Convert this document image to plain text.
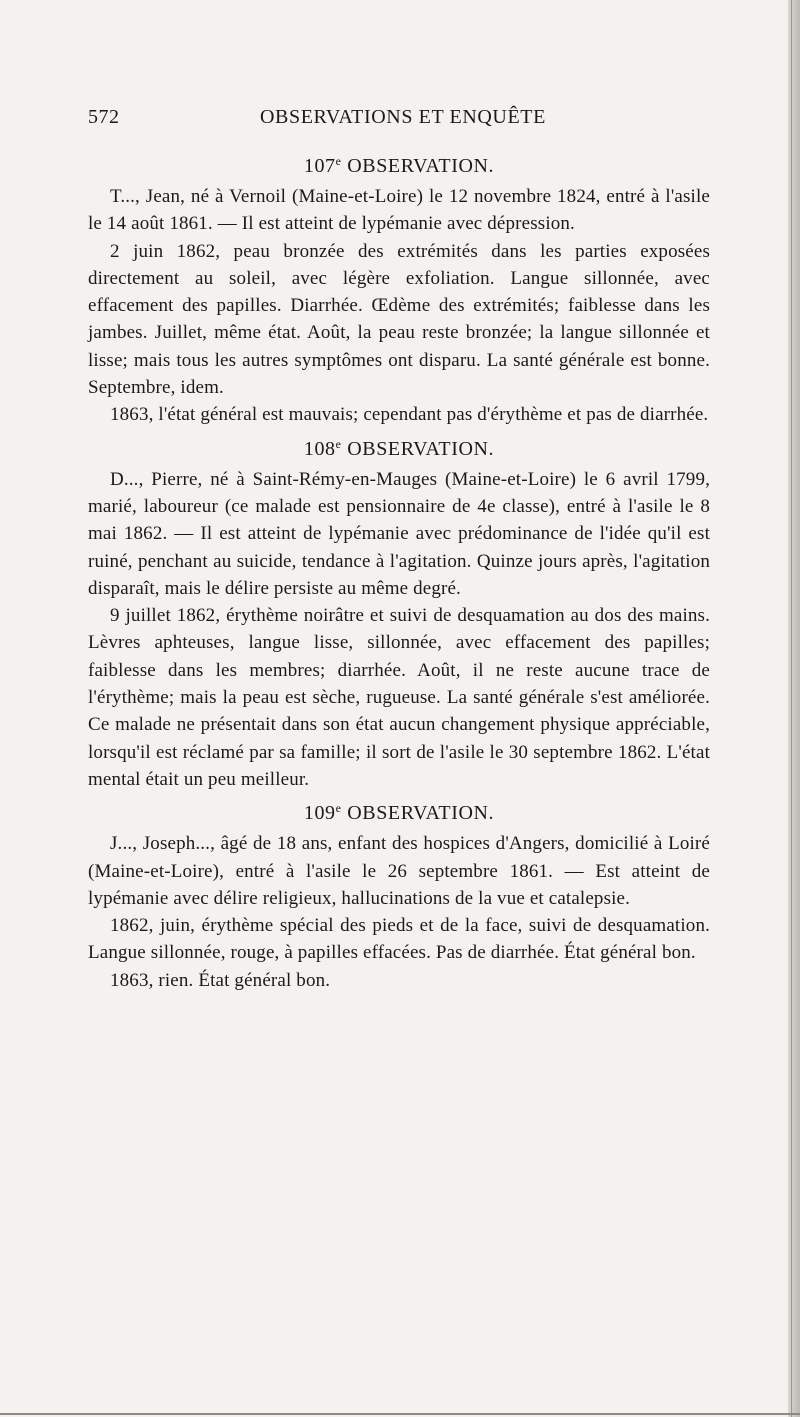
572	OBSERVATIONS ET ENQUÊTE
107e OBSERVATION.

T..., Jean, né à Vernoil (Maine-et-Loire) le 12 novembre 1824, entré à l'asile le 14 août 1861. — Il est atteint de lypémanie avec dépression.

2 juin 1862, peau bronzée des extrémités dans les parties exposées directement au soleil, avec légère exfoliation. Langue sillonnée, avec effacement des papilles. Diarrhée. Œdème des extrémités; faiblesse dans les jambes. Juillet, même état. Août, la peau reste bronzée; la langue sillonnée et lisse; mais tous les autres symptômes ont disparu. La santé générale est bonne. Septembre, idem.

1863, l'état général est mauvais; cependant pas d'érythème et pas de diarrhée.

108e OBSERVATION.

D..., Pierre, né à Saint-Rémy-en-Mauges (Maine-et-Loire) le 6 avril 1799, marié, laboureur (ce malade est pensionnaire de 4e classe), entré à l'asile le 8 mai 1862. — Il est atteint de lypémanie avec prédominance de l'idée qu'il est ruiné, penchant au suicide, tendance à l'agitation. Quinze jours après, l'agitation disparaît, mais le délire persiste au même degré.

9 juillet 1862, érythème noirâtre et suivi de desquamation au dos des mains. Lèvres aphteuses, langue lisse, sillonnée, avec effacement des papilles; faiblesse dans les membres; diarrhée. Août, il ne reste aucune trace de l'érythème; mais la peau est sèche, rugueuse. La santé générale s'est améliorée. Ce malade ne présentait dans son état aucun changement physique appréciable, lorsqu'il est réclamé par sa famille; il sort de l'asile le 30 septembre 1862. L'état mental était un peu meilleur.

109e OBSERVATION.

J..., Joseph..., âgé de 18 ans, enfant des hospices d'Angers, domicilié à Loiré (Maine-et-Loire), entré à l'asile le 26 septembre 1861. — Est atteint de lypémanie avec délire religieux, hallucinations de la vue et catalepsie.

1862, juin, érythème spécial des pieds et de la face, suivi de desquamation. Langue sillonnée, rouge, à papilles effacées. Pas de diarrhée. État général bon.

1863, rien. État général bon.
